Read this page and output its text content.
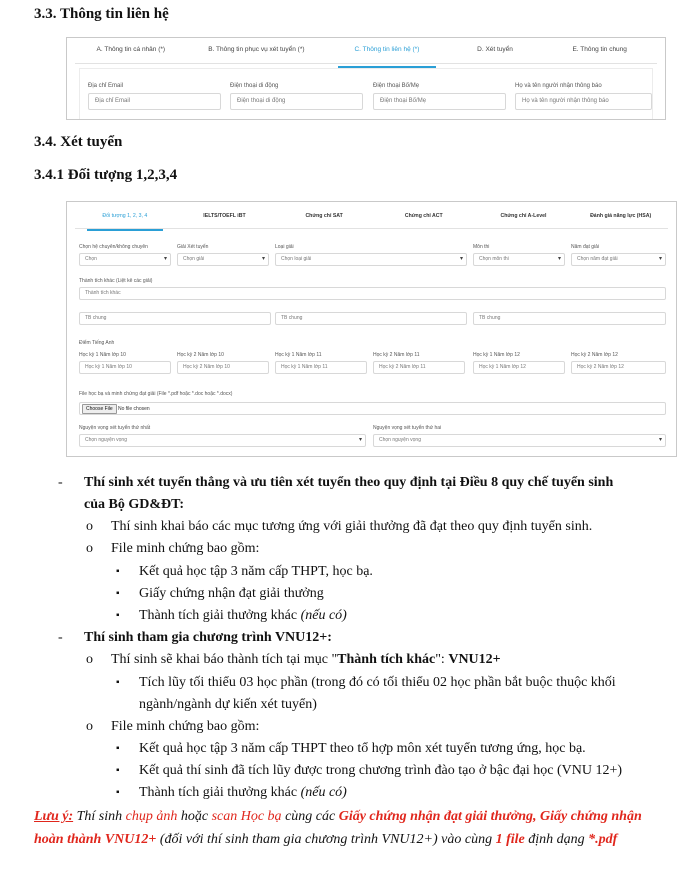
3.3. Thông tin liên hệ
A. Thông tin cá nhân (*)	B. Thông tin phục vụ xét tuyển (*)	C. Thông tin liên hệ (*)	D. Xét tuyển	E. Thông tin chung
Địa chỉ Email
Địa chỉ Email
Điện thoại di động
Điện thoại di động
Điện thoại Bố/Mẹ
Điện thoại Bố/Mẹ
Họ và tên người nhận thông báo
Họ và tên người nhận thông báo
3.4. Xét tuyển
3.4.1 Đối tượng 1,2,3,4
Đối tượng 1, 2, 3, 4	IELTS/TOEFL iBT	Chứng chỉ SAT	Chứng chỉ ACT	Chứng chỉ A-Level	Đánh giá năng lực (HSA)
Chọn hệ chuyên/không chuyên
Chọn ▾
Giải Xét tuyển
Chọn giải ▾
Loại giải
Chọn loại giải ▾
Môn thi
Chọn môn thi ▾
Năm đạt giải
Chọn năm đạt giải ▾
Thành tích khác (Liệt kê các giải)
Thành tích khác
TB chung	TB chung	TB chung
Điểm Tiếng Anh
Học kỳ 1 Năm lớp 10
Học kỳ 1 Năm lớp 10
Học kỳ 2 Năm lớp 10
Học kỳ 2 Năm lớp 10
Học kỳ 1 Năm lớp 11
Học kỳ 1 Năm lớp 11
Học kỳ 2 Năm lớp 11
Học kỳ 2 Năm lớp 11
Học kỳ 1 Năm lớp 12
Học kỳ 1 Năm lớp 12
Học kỳ 2 Năm lớp 12
Học kỳ 2 Năm lớp 12
File học bạ và minh chứng đạt giải (File *.pdf hoặc *.doc hoặc *.docx)
Choose File	No file chosen
Nguyện vọng xét tuyển thứ nhất
Chọn nguyện vọng ▾
Nguyện vọng xét tuyển thứ hai
Chọn nguyện vọng ▾
- Thí sinh xét tuyển thẳng và ưu tiên xét tuyển theo quy định tại Điều 8 quy chế tuyển sinh
của Bộ GD&ĐT:
o Thí sinh khai báo các mục tương ứng với giải thưởng đã đạt theo quy định tuyển sinh.
o File minh chứng bao gồm:
▪ Kết quả học tập 3 năm cấp THPT, học bạ.
▪ Giấy chứng nhận đạt giải thưởng
▪ Thành tích giải thưởng khác (nếu có)
- Thí sinh tham gia chương trình VNU12+:
o Thí sinh sẽ khai báo thành tích tại mục "Thành tích khác": VNU12+
▪ Tích lũy tối thiểu 03 học phần (trong đó có tối thiểu 02 học phần bắt buộc thuộc khối
ngành/ngành dự kiến xét tuyển)
o File minh chứng bao gồm:
▪ Kết quả học tập 3 năm cấp THPT theo tổ hợp môn xét tuyển tương ứng, học bạ.
▪ Kết quả thí sinh đã tích lũy được trong chương trình đào tạo ở bậc đại học (VNU 12+)
▪ Thành tích giải thưởng khác (nếu có)
Lưu ý: Thí sinh chụp ảnh hoặc scan Học bạ cùng các Giấy chứng nhận đạt giải thưởng, Giấy chứng nhận hoàn thành VNU12+ (đối với thí sinh tham gia chương trình VNU12+) vào cùng 1 file định dạng *.pdf
